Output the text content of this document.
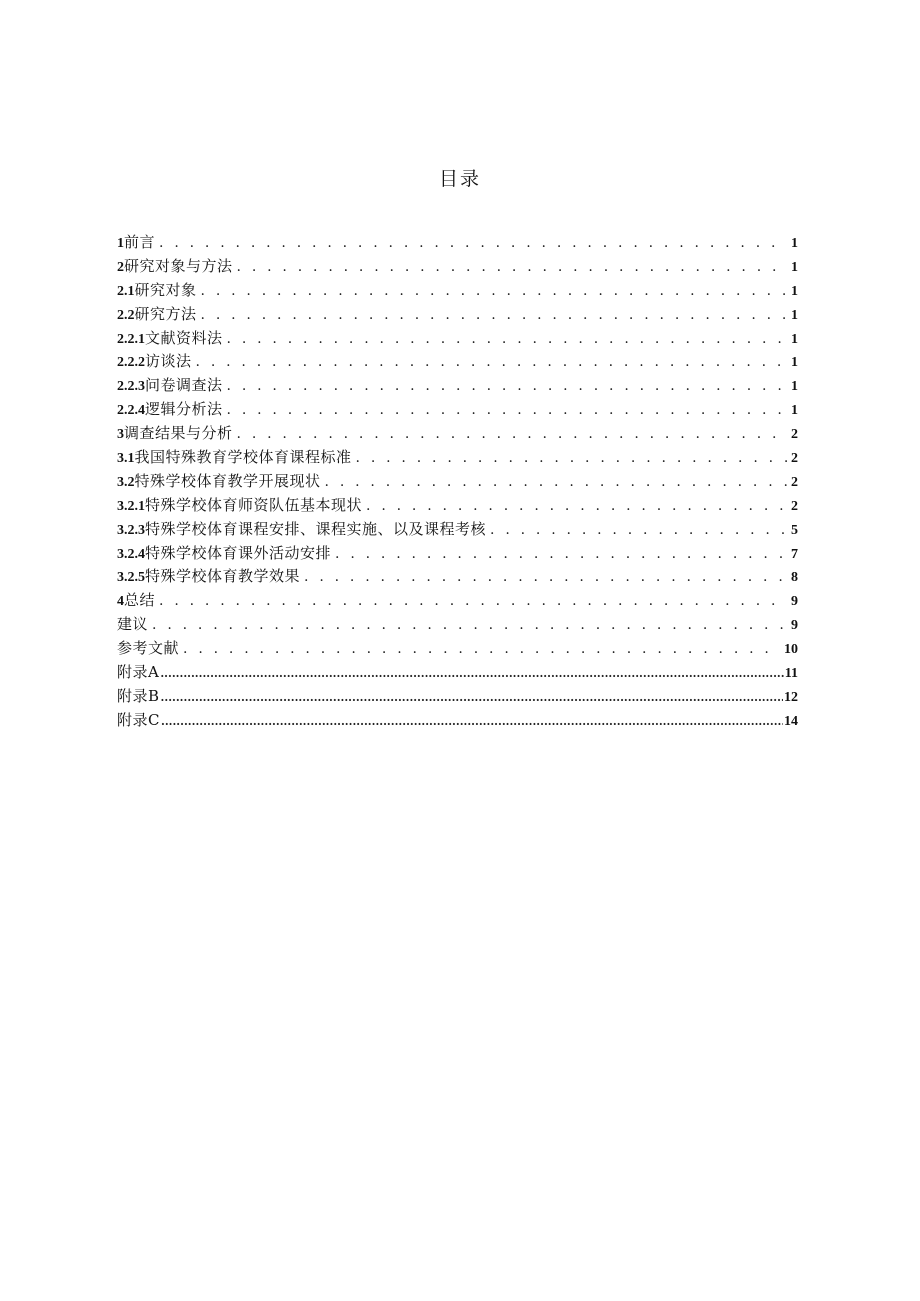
目录
1 前言 . . .	1
2 研究对象与方法 . . .	1
2.1 研究对象 . . .	1
2.2 研究方法 . . .	1
2.2.1 文献资料法 . . .	1
2.2.2 访谈法 . . .	1
2.2.3 问卷调查法 . . .	1
2.2.4 逻辑分析法 . . .	1
3 调查结果与分析 . . .	2
3.1 我国特殊教育学校体育课程标准 . . .	2
3.2 特殊学校体育教学开展现状 . . .	2
3.2.1 特殊学校体育师资队伍基本现状 . . .	2
3.2.3 特殊学校体育课程安排、课程实施、以及课程考核 . . .	5
3.2.4 特殊学校体育课外活动安排 . . .	7
3.2.5 特殊学校体育教学效果 . . .	8
4 总结 . . .	9
建议 . . .	9
参考文献 . . .	10
附录A .....	11
附录B .....	12
附录C .....	14
